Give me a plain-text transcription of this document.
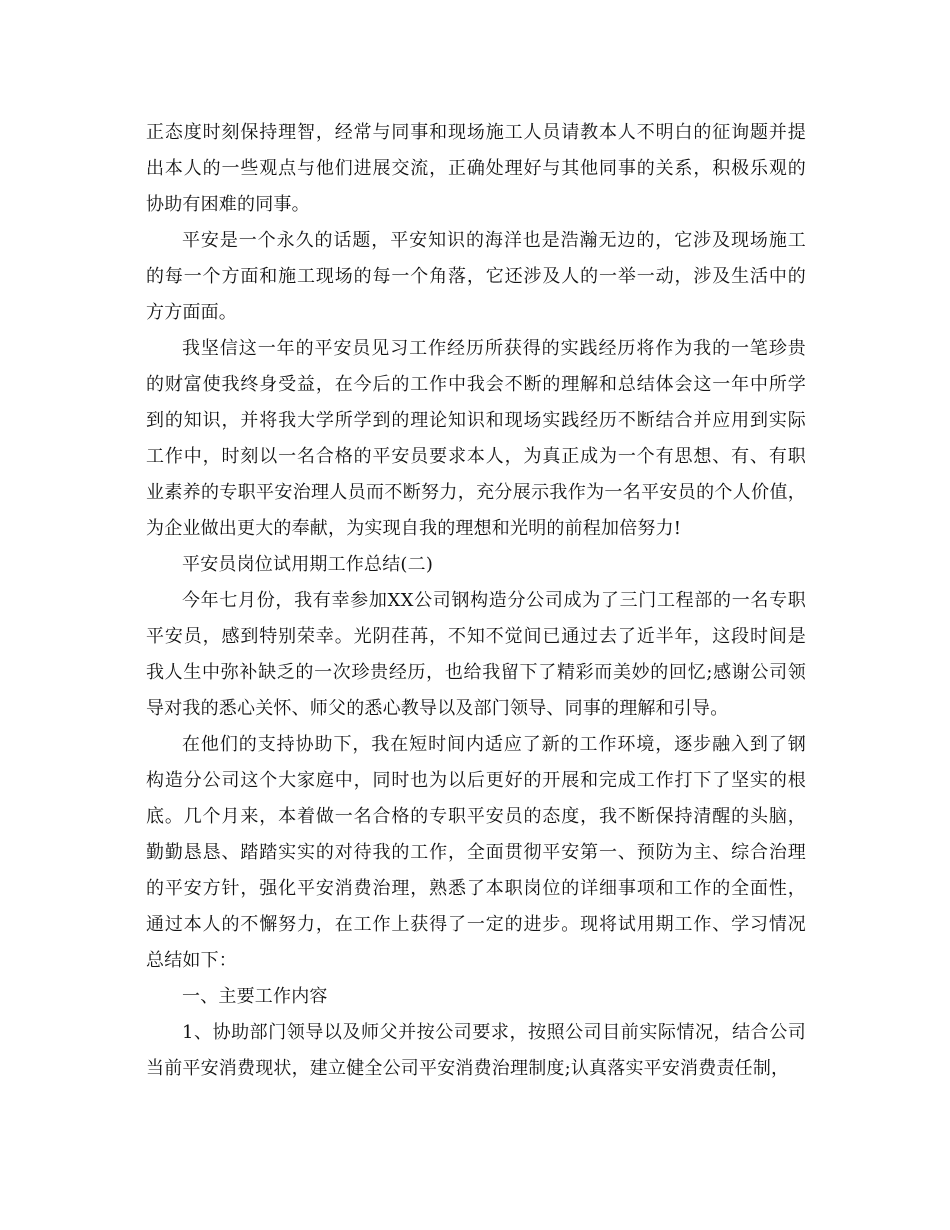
正态度时刻保持理智，经常与同事和现场施工人员请教本人不明白的征询题并提
出本人的一些观点与他们进展交流，正确处理好与其他同事的关系，积极乐观的
协助有困难的同事。
平安是一个永久的话题，平安知识的海洋也是浩瀚无边的，它涉及现场施工
的每一个方面和施工现场的每一个角落，它还涉及人的一举一动，涉及生活中的
方方面面。
我坚信这一年的平安员见习工作经历所获得的实践经历将作为我的一笔珍贵
的财富使我终身受益，在今后的工作中我会不断的理解和总结体会这一年中所学
到的知识，并将我大学所学到的理论知识和现场实践经历不断结合并应用到实际
工作中，时刻以一名合格的平安员要求本人，为真正成为一个有思想、有、有职
业素养的专职平安治理人员而不断努力，充分展示我作为一名平安员的个人价值，
为企业做出更大的奉献，为实现自我的理想和光明的前程加倍努力!
平安员岗位试用期工作总结(二)
今年七月份，我有幸参加XX公司钢构造分公司成为了三门工程部的一名专职
平安员，感到特别荣幸。光阴荏苒，不知不觉间已通过去了近半年，这段时间是
我人生中弥补缺乏的一次珍贵经历，也给我留下了精彩而美妙的回忆;感谢公司领
导对我的悉心关怀、师父的悉心教导以及部门领导、同事的理解和引导。
在他们的支持协助下，我在短时间内适应了新的工作环境，逐步融入到了钢
构造分公司这个大家庭中，同时也为以后更好的开展和完成工作打下了坚实的根
底。几个月来，本着做一名合格的专职平安员的态度，我不断保持清醒的头脑，
勤勤恳恳、踏踏实实的对待我的工作，全面贯彻平安第一、预防为主、综合治理
的平安方针，强化平安消费治理，熟悉了本职岗位的详细事项和工作的全面性，
通过本人的不懈努力，在工作上获得了一定的进步。现将试用期工作、学习情况
总结如下：
一、主要工作内容
1、协助部门领导以及师父并按公司要求，按照公司目前实际情况，结合公司
当前平安消费现状，建立健全公司平安消费治理制度;认真落实平安消费责任制，
